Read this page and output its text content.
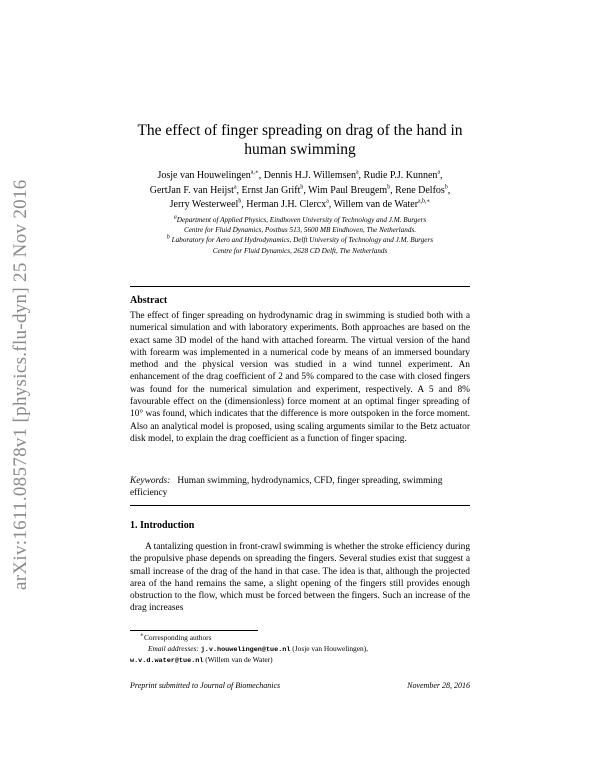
arXiv:1611.08578v1 [physics.flu-dyn] 25 Nov 2016
The effect of finger spreading on drag of the hand in human swimming
Josje van Houwelingen$^{a,∗}$, Dennis H.J. Willemsen$^a$, Rudie P.J. Kunnen$^a$,
GertJan F. van Heijst$^a$, Ernst Jan Grift$^b$, Wim Paul Breugem$^b$, Rene Delfos$^b$,
Jerry Westerweel$^b$, Herman J.H. Clercx$^a$, Willem van de Water$^{a,b,∗}$
$^a$Department of Applied Physics, Eindhoven University of Technology and J.M. Burgers
Centre for Fluid Dynamics, Postbus 513, 5600 MB Eindhoven, The Netherlands.
$^b$ Laboratory for Aero and Hydrodynamics, Delft University of Technology and J.M. Burgers
Centre for Fluid Dynamics, 2628 CD Delft, The Netherlands
Abstract
The effect of finger spreading on hydrodynamic drag in swimming is studied both with a numerical simulation and with laboratory experiments. Both approaches are based on the exact same 3D model of the hand with attached forearm. The virtual version of the hand with forearm was implemented in a numerical code by means of an immersed boundary method and the physical version was studied in a wind tunnel experiment. An enhancement of the drag coefficient of 2 and 5% compared to the case with closed fingers was found for the numerical simulation and experiment, respectively. A 5 and 8% favourable effect on the (dimensionless) force moment at an optimal finger spreading of 10° was found, which indicates that the difference is more outspoken in the force moment. Also an analytical model is proposed, using scaling arguments similar to the Betz actuator disk model, to explain the drag coefficient as a function of finger spacing.
Keywords: Human swimming, hydrodynamics, CFD, finger spreading, swimming efficiency
1. Introduction
A tantalizing question in front-crawl swimming is whether the stroke efficiency during the propulsive phase depends on spreading the fingers. Several studies exist that suggest a small increase of the drag of the hand in that case. The idea is that, although the projected area of the hand remains the same, a slight opening of the fingers still provides enough obstruction to the flow, which must be forced between the fingers. Such an increase of the drag increases
∗Corresponding authors
Email addresses: j.v.houwelingen@tue.nl (Josje van Houwelingen),
w.v.d.water@tue.nl (Willem van de Water)
Preprint submitted to Journal of Biomechanics	November 28, 2016
